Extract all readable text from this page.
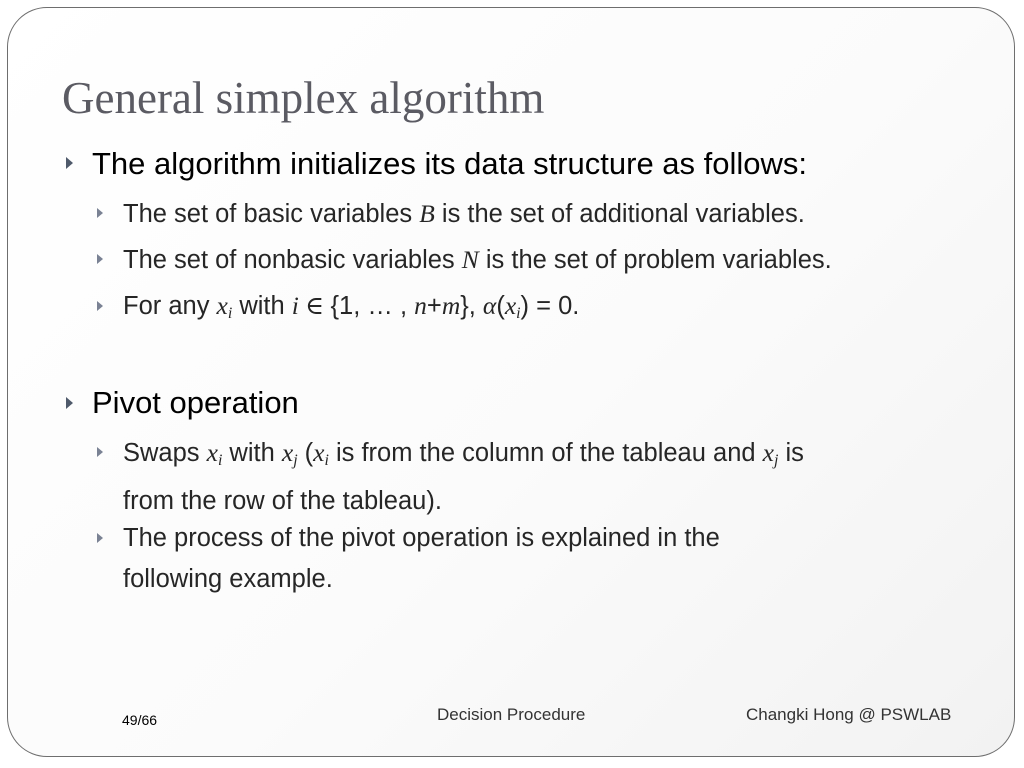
General simplex algorithm
The algorithm initializes its data structure as follows:
The set of basic variables B is the set of additional variables.
The set of nonbasic variables N is the set of problem variables.
For any $x_i$ with i ∈ {1, … , n+m}, $\alpha(x_i) = 0$.
Pivot operation
Swaps $x_i$ with $x_j$ ($x_i$ is from the column of the tableau and $x_j$ is
from the row of the tableau).
The process of the pivot operation is explained in the
following example.
49/66	Decision Procedure	Changki Hong @ PSWLAB
